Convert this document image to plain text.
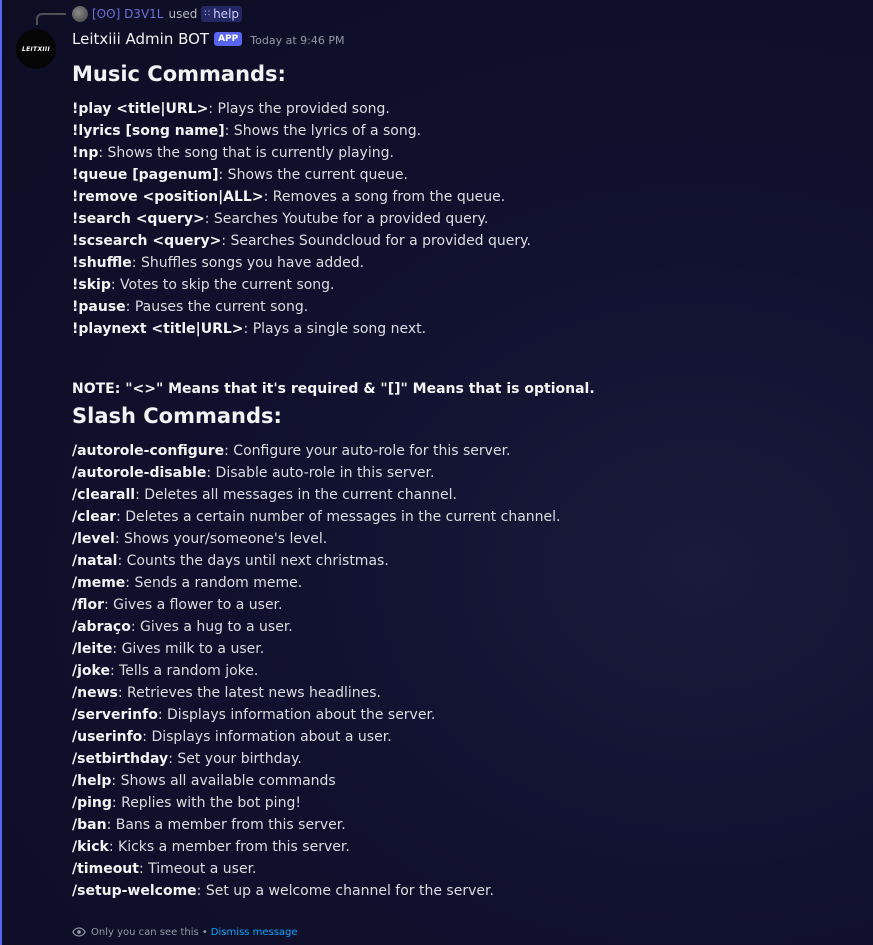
[ʘʘ] D3V1L used ∷ help
LEITXIII
Leitxiii Admin BOT	APP	Today at 9:46 PM
Music Commands:
!play <title|URL>: Plays the provided song.
!lyrics [song name]: Shows the lyrics of a song.
!np: Shows the song that is currently playing.
!queue [pagenum]: Shows the current queue.
!remove <position|ALL>: Removes a song from the queue.
!search <query>: Searches Youtube for a provided query.
!scsearch <query>: Searches Soundcloud for a provided query.
!shuffle: Shuffles songs you have added.
!skip: Votes to skip the current song.
!pause: Pauses the current song.
!playnext <title|URL>: Plays a single song next.
NOTE: "<>" Means that it's required & "[]" Means that is optional.
Slash Commands:
/autorole-configure: Configure your auto-role for this server.
/autorole-disable: Disable auto-role in this server.
/clearall: Deletes all messages in the current channel.
/clear: Deletes a certain number of messages in the current channel.
/level: Shows your/someone's level.
/natal: Counts the days until next christmas.
/meme: Sends a random meme.
/flor: Gives a flower to a user.
/abraço: Gives a hug to a user.
/leite: Gives milk to a user.
/joke: Tells a random joke.
/news: Retrieves the latest news headlines.
/serverinfo: Displays information about the server.
/userinfo: Displays information about a user.
/setbirthday: Set your birthday.
/help: Shows all available commands
/ping: Replies with the bot ping!
/ban: Bans a member from this server.
/kick: Kicks a member from this server.
/timeout: Timeout a user.
/setup-welcome: Set up a welcome channel for the server.
Only you can see this • Dismiss message
